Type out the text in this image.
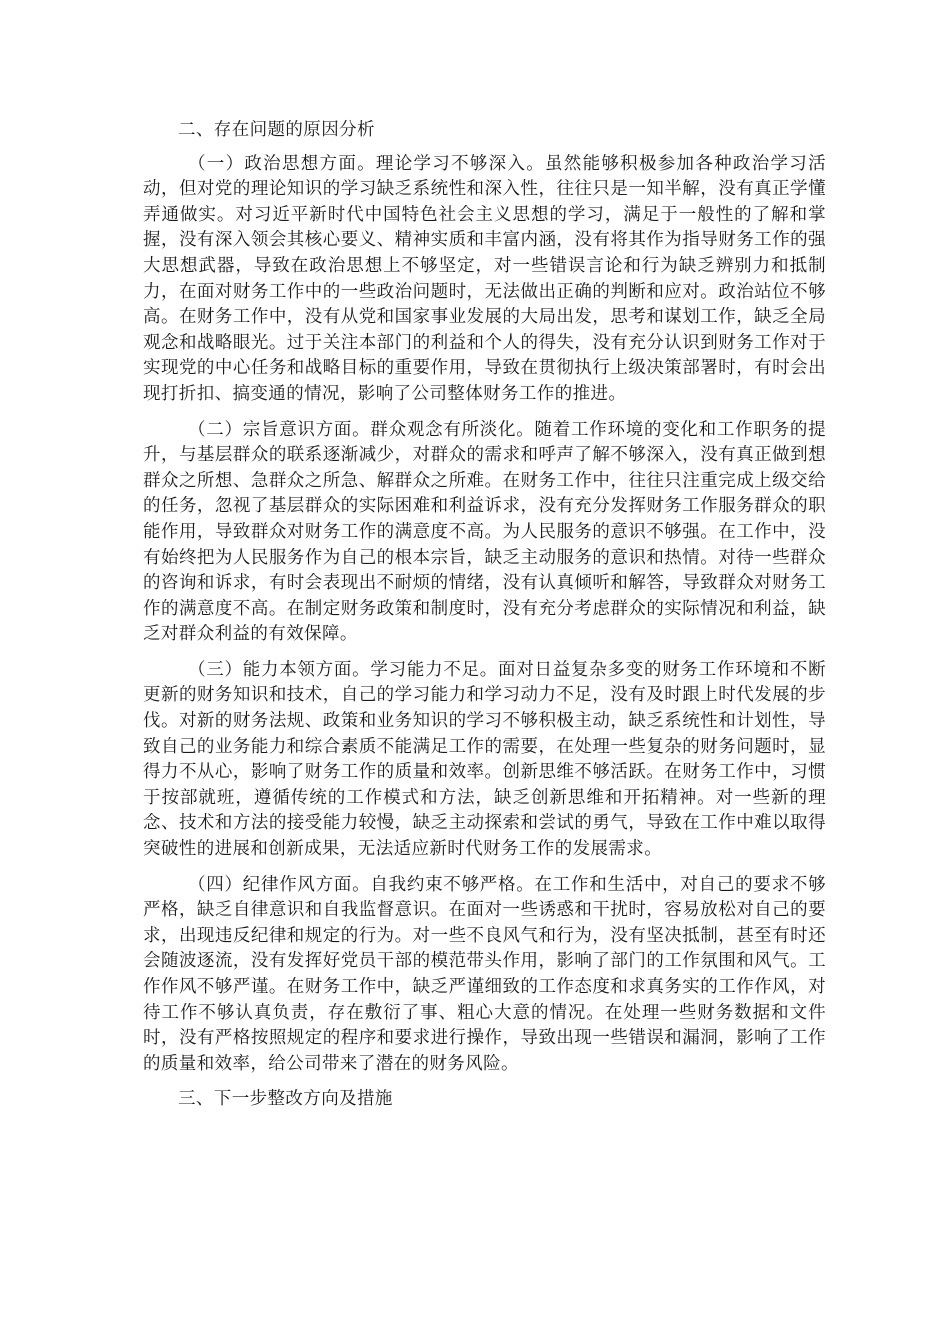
二、存在问题的原因分析

（一）政治思想方面。理论学习不够深入。虽然能够积极参加各种政治学习活动，但对党的理论知识的学习缺乏系统性和深入性，往往只是一知半解，没有真正学懂弄通做实。对习近平新时代中国特色社会主义思想的学习，满足于一般性的了解和掌握，没有深入领会其核心要义、精神实质和丰富内涵，没有将其作为指导财务工作的强大思想武器，导致在政治思想上不够坚定，对一些错误言论和行为缺乏辨别力和抵制力，在面对财务工作中的一些政治问题时，无法做出正确的判断和应对。政治站位不够高。在财务工作中，没有从党和国家事业发展的大局出发，思考和谋划工作，缺乏全局观念和战略眼光。过于关注本部门的利益和个人的得失，没有充分认识到财务工作对于实现党的中心任务和战略目标的重要作用，导致在贯彻执行上级决策部署时，有时会出现打折扣、搞变通的情况，影响了公司整体财务工作的推进。

（二）宗旨意识方面。群众观念有所淡化。随着工作环境的变化和工作职务的提升，与基层群众的联系逐渐减少，对群众的需求和呼声了解不够深入，没有真正做到想群众之所想、急群众之所急、解群众之所难。在财务工作中，往往只注重完成上级交给的任务，忽视了基层群众的实际困难和利益诉求，没有充分发挥财务工作服务群众的职能作用，导致群众对财务工作的满意度不高。为人民服务的意识不够强。在工作中，没有始终把为人民服务作为自己的根本宗旨，缺乏主动服务的意识和热情。对待一些群众的咨询和诉求，有时会表现出不耐烦的情绪，没有认真倾听和解答，导致群众对财务工作的满意度不高。在制定财务政策和制度时，没有充分考虑群众的实际情况和利益，缺乏对群众利益的有效保障。

（三）能力本领方面。学习能力不足。面对日益复杂多变的财务工作环境和不断更新的财务知识和技术，自己的学习能力和学习动力不足，没有及时跟上时代发展的步伐。对新的财务法规、政策和业务知识的学习不够积极主动，缺乏系统性和计划性，导致自己的业务能力和综合素质不能满足工作的需要，在处理一些复杂的财务问题时，显得力不从心，影响了财务工作的质量和效率。创新思维不够活跃。在财务工作中，习惯于按部就班，遵循传统的工作模式和方法，缺乏创新思维和开拓精神。对一些新的理念、技术和方法的接受能力较慢，缺乏主动探索和尝试的勇气，导致在工作中难以取得突破性的进展和创新成果，无法适应新时代财务工作的发展需求。

（四）纪律作风方面。自我约束不够严格。在工作和生活中，对自己的要求不够严格，缺乏自律意识和自我监督意识。在面对一些诱惑和干扰时，容易放松对自己的要求，出现违反纪律和规定的行为。对一些不良风气和行为，没有坚决抵制，甚至有时还会随波逐流，没有发挥好党员干部的模范带头作用，影响了部门的工作氛围和风气。工作作风不够严谨。在财务工作中，缺乏严谨细致的工作态度和求真务实的工作作风，对待工作不够认真负责，存在敷衍了事、粗心大意的情况。在处理一些财务数据和文件时，没有严格按照规定的程序和要求进行操作，导致出现一些错误和漏洞，影响了工作的质量和效率，给公司带来了潜在的财务风险。

三、下一步整改方向及措施
